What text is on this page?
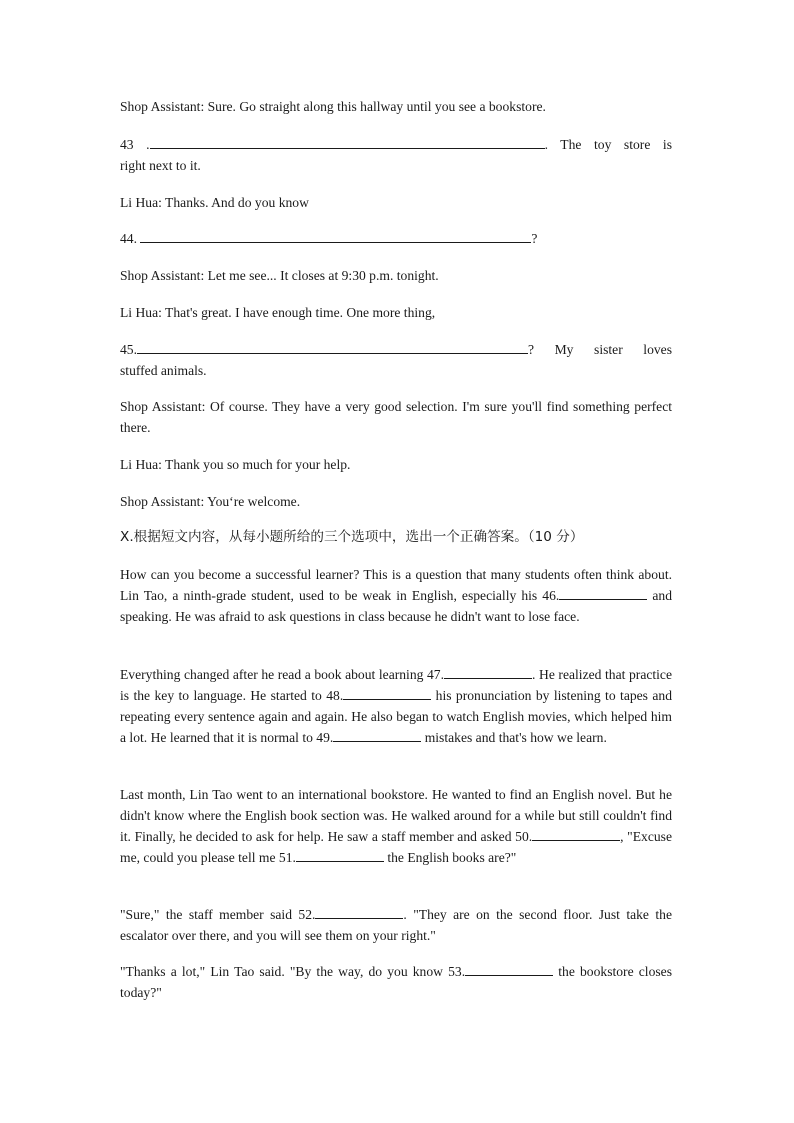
Shop Assistant: Sure. Go straight along this hallway until you see a bookstore.

43 .	. The toy store is

right next to it.

Li Hua: Thanks. And do you know

44.	?

Shop Assistant: Let me see... It closes at 9:30 p.m. tonight.

Li Hua: That's great. I have enough time. One more thing,

45.	? My sister loves

stuffed animals.

Shop Assistant: Of course. They have a very good selection. I'm sure you'll find something perfect there.

Li Hua: Thank you so much for your help.

Shop Assistant: You‘re welcome.

X.根据短文内容，从每小题所给的三个选项中，选出一个正确答案。（10 分）

How can you become a successful learner? This is a question that many students often think about. Lin Tao, a ninth-grade student, used to be weak in English, especially his 46.	and speaking. He was afraid to ask questions in class because he didn't want to lose face.

Everything changed after he read a book about learning 47.	. He realized that practice is the key to language. He started to 48.	his pronunciation by listening to tapes and repeating every sentence again and again. He also began to watch English movies, which helped him a lot. He learned that it is normal to 49.	mistakes and that's how we learn.

Last month, Lin Tao went to an international bookstore. He wanted to find an English novel. But he didn't know where the English book section was. He walked around for a while but still couldn't find it. Finally, he decided to ask for help. He saw a staff member and asked 50.	, "Excuse me, could you please tell me 51.	the English books are?"

"Sure," the staff member said 52.	. "They are on the second floor. Just take the escalator over there, and you will see them on your right."

"Thanks a lot," Lin Tao said. "By the way, do you know 53.	the bookstore closes today?"
